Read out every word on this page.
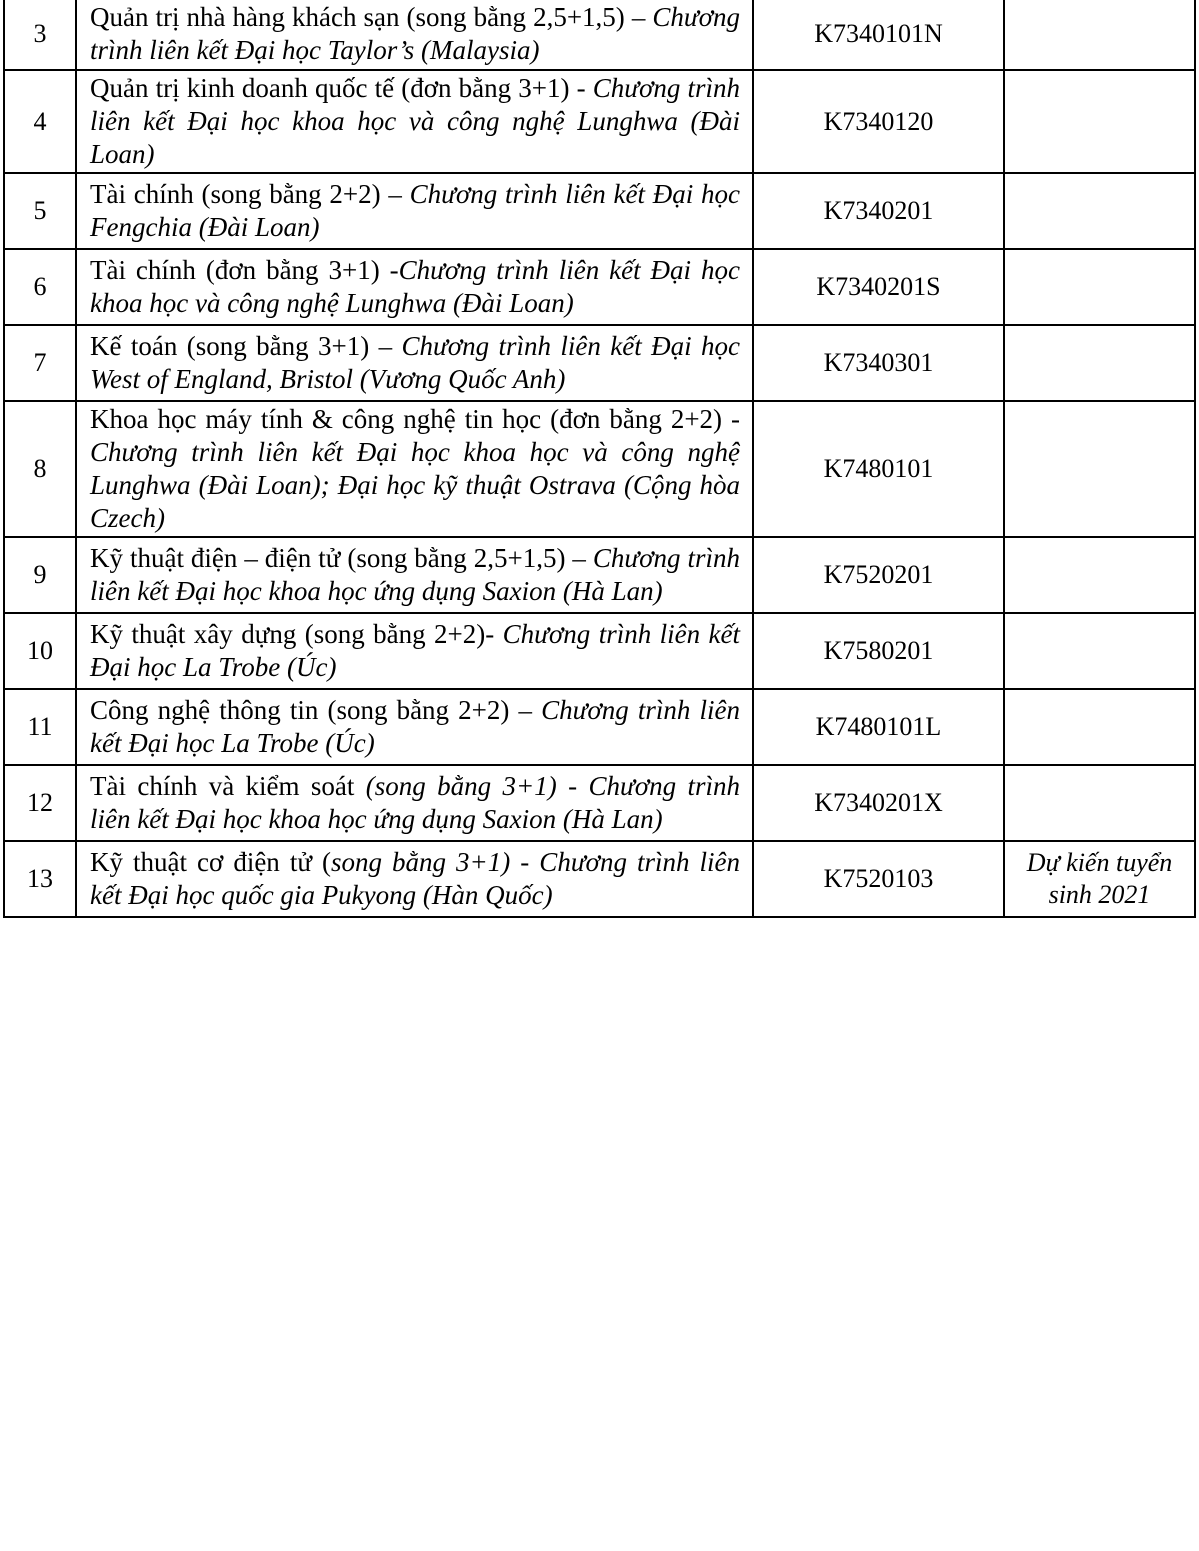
3	Quản trị nhà hàng khách sạn (song bằng 2,5+1,5) – Chương trình liên kết Đại học Taylor’s (Malaysia)	K7340101N	
4	Quản trị kinh doanh quốc tế (đơn bằng 3+1) - Chương trình liên kết Đại học khoa học và công nghệ Lunghwa (Đài Loan)	K7340120	
5	Tài chính (song bằng 2+2) – Chương trình liên kết Đại học Fengchia (Đài Loan)	K7340201	
6	Tài chính (đơn bằng 3+1) -Chương trình liên kết Đại học khoa học và công nghệ Lunghwa (Đài Loan)	K7340201S	
7	Kế toán (song bằng 3+1) – Chương trình liên kết Đại học West of England, Bristol (Vương Quốc Anh)	K7340301	
8	Khoa học máy tính & công nghệ tin học (đơn bằng 2+2) - Chương trình liên kết Đại học khoa học và công nghệ Lunghwa (Đài Loan); Đại học kỹ thuật Ostrava (Cộng hòa Czech)	K7480101	
9	Kỹ thuật điện – điện tử (song bằng 2,5+1,5) – Chương trình liên kết Đại học khoa học ứng dụng Saxion (Hà Lan)	K7520201	
10	Kỹ thuật xây dựng (song bằng 2+2)- Chương trình liên kết Đại học La Trobe (Úc)	K7580201	
11	Công nghệ thông tin (song bằng 2+2) – Chương trình liên kết Đại học La Trobe (Úc)	K7480101L	
12	Tài chính và kiểm soát (song bằng 3+1) - Chương trình liên kết Đại học khoa học ứng dụng Saxion (Hà Lan)	K7340201X	
13	Kỹ thuật cơ điện tử (song bằng 3+1) - Chương trình liên kết Đại học quốc gia Pukyong (Hàn Quốc)	K7520103	Dự kiến tuyển sinh 2021
